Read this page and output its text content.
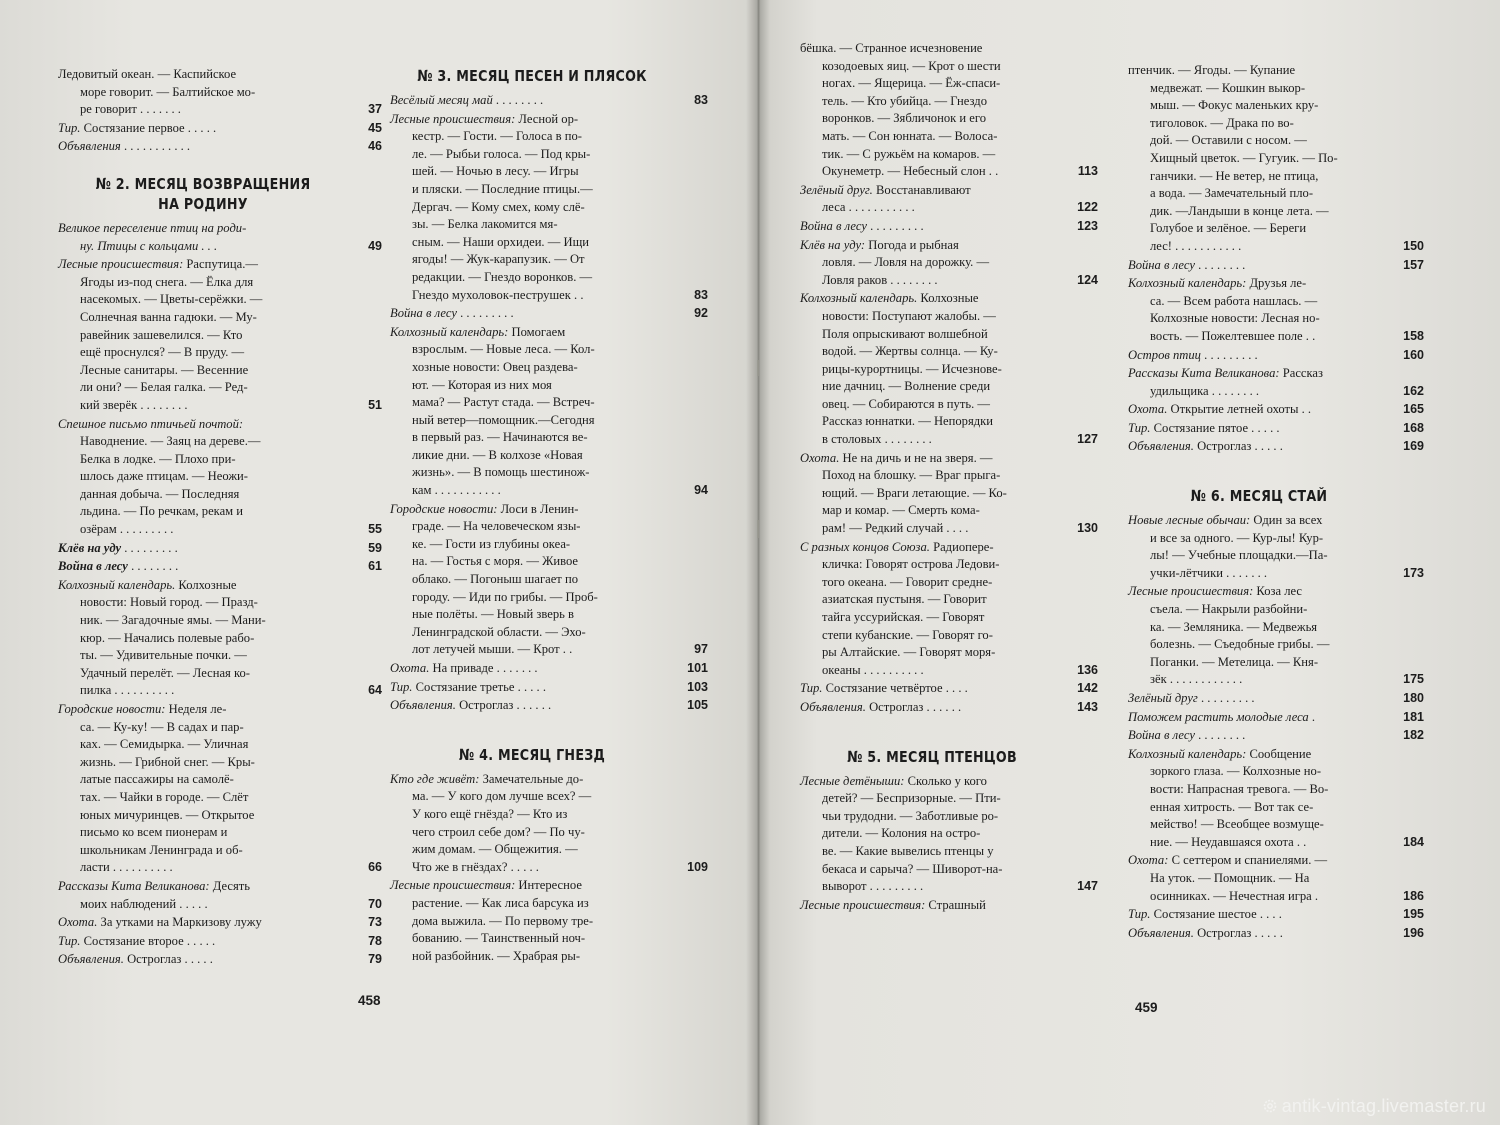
Ледовитый океан. — Каспийское
море говорит. — Балтийское мо-
ре говорит . . . . . . .	37
Тир. Состязание первое . . . . .	45
Объявления . . . . . . . . . . .	46
№ 2. МЕСЯЦ ВОЗВРАЩЕНИЯ
НА РОДИНУ
Великое переселение птиц на роди-
ну. Птицы с кольцами . . .	49
Лесные происшествия: Распутица.—
Ягоды из-под снега. — Ёлка для
насекомых. — Цветы-серёжки. —
Солнечная ванна гадюки. — Му-
равейник зашевелился. — Кто
ещё проснулся? — В пруду. —
Лесные санитары. — Весенние
ли они? — Белая галка. — Ред-
кий зверёк . . . . . . . .	51
Спешное письмо птичьей почтой:
Наводнение. — Заяц на дереве.—
Белка в лодке. — Плохо при-
шлось даже птицам. — Неожи-
данная добыча. — Последняя
льдина. — По речкам, рекам и
озёрам . . . . . . . . .	55
Клёв на уду . . . . . . . . .	59
Война в лесу . . . . . . . .	61
Колхозный календарь. Колхозные
новости: Новый город. — Празд-
ник. — Загадочные ямы. — Мани-
кюр. — Начались полевые рабо-
ты. — Удивительные почки. —
Удачный перелёт. — Лесная ко-
пилка . . . . . . . . . .	64
Городские новости: Неделя ле-
са. — Ку-ку! — В садах и пар-
ках. — Семидырка. — Уличная
жизнь. — Грибной снег. — Кры-
латые пассажиры на самолё-
тах. — Чайки в городе. — Слёт
юных мичуринцев. — Открытое
письмо ко всем пионерам и
школьникам Ленинграда и об-
ласти . . . . . . . . . .	66
Рассказы Кита Великанова: Десять
моих наблюдений . . . . .	70
Охота. За утками на Маркизову лужу	73
Тир. Состязание второе . . . . .	78
Объявления. Остроглаз . . . . .	79
№ 3. МЕСЯЦ ПЕСЕН И ПЛЯСОК
Весёлый месяц май . . . . . . . .	83
Лесные происшествия: Лесной ор-
кестр. — Гости. — Голоса в по-
ле. — Рыбьи голоса. — Под кры-
шей. — Ночью в лесу. — Игры
и пляски. — Последние птицы.—
Дергач. — Кому смех, кому слё-
зы. — Белка лакомится мя-
сным. — Наши орхидеи. — Ищи
ягоды! — Жук-карапузик. — От
редакции. — Гнездо воронков. —
Гнездо мухоловок-пеструшек . .	83
Война в лесу . . . . . . . . .	92
Колхозный календарь: Помогаем
взрослым. — Новые леса. — Кол-
хозные новости: Овец раздева-
ют. — Которая из них моя
мама? — Растут стада. — Встреч-
ный ветер—помощник.—Сегодня
в первый раз. — Начинаются ве-
ликие дни. — В колхозе «Новая
жизнь». — В помощь шестинож-
кам . . . . . . . . . . .	94
Городские новости: Лоси в Ленин-
граде. — На человеческом язы-
ке. — Гости из глубины океа-
на. — Гостья с моря. — Живое
облако. — Погоныш шагает по
городу. — Иди по грибы. — Проб-
ные полёты. — Новый зверь в
Ленинградской области. — Эхо-
лот летучей мыши. — Крот . .	97
Охота. На приваде . . . . . . .	101
Тир. Состязание третье . . . . .	103
Объявления. Остроглаз . . . . . .	105
№ 4. МЕСЯЦ ГНЕЗД
Кто где живёт: Замечательные до-
ма. — У кого дом лучше всех? —
У кого ещё гнёзда? — Кто из
чего строил себе дом? — По чу-
жим домам. — Общежития. —
Что же в гнёздах? . . . . .	109
Лесные происшествия: Интересное
растение. — Как лиса барсука из
дома выжила. — По первому тре-
бованию. — Таинственный ноч-
ной разбойник. — Храбрая ры-
бёшка. — Странное исчезновение
козодоевых яиц. — Крот о шести
ногах. — Ящерица. — Ёж-спаси-
тель. — Кто убийца. — Гнездо
воронков. — Зябличонок и его
мать. — Сон юнната. — Волоса-
тик. — С ружьём на комаров. —
Окунеметр. — Небесный слон . .	113
Зелёный друг. Восстанавливают
леса . . . . . . . . . . .	122
Война в лесу . . . . . . . . .	123
Клёв на уду: Погода и рыбная
ловля. — Ловля на дорожку. —
Ловля раков . . . . . . . .	124
Колхозный календарь. Колхозные
новости: Поступают жалобы. —
Поля опрыскивают волшебной
водой. — Жертвы солнца. — Ку-
рицы-курортницы. — Исчезнове-
ние дачниц. — Волнение среди
овец. — Собираются в путь. —
Рассказ юннатки. — Непорядки
в столовых . . . . . . . .	127
Охота. Не на дичь и не на зверя. —
Поход на блошку. — Враг прыга-
ющий. — Враги летающие. — Ко-
мар и комар. — Смерть кома-
рам! — Редкий случай . . . .	130
С разных концов Союза. Радиопере-
кличка: Говорят острова Ледови-
того океана. — Говорит средне-
азиатская пустыня. — Говорит
тайга уссурийская. — Говорят
степи кубанские. — Говорят го-
ры Алтайские. — Говорят моря-
океаны . . . . . . . . . .	136
Тир. Состязание четвёртое . . . .	142
Объявления. Остроглаз . . . . . .	143
№ 5. МЕСЯЦ ПТЕНЦОВ
Лесные детёныши: Сколько у кого
детей? — Беспризорные. — Пти-
чьи трудодни. — Заботливые ро-
дители. — Колония на остро-
ве. — Какие вывелись птенцы у
бекаса и сарыча? — Шиворот-на-
выворот . . . . . . . . .	147
Лесные происшествия: Страшный
птенчик. — Ягоды. — Купание
медвежат. — Кошкин выкор-
мыш. — Фокус маленьких кру-
тиголовок. — Драка по во-
дой. — Оставили с носом. —
Хищный цветок. — Гугуик. — По-
ганчики. — Не ветер, не птица,
а вода. — Замечательный пло-
дик. —Ландыши в конце лета. —
Голубое и зелёное. — Береги
лес! . . . . . . . . . . .	150
Война в лесу . . . . . . . .	157
Колхозный календарь: Друзья ле-
са. — Всем работа нашлась. —
Колхозные новости: Лесная но-
вость. — Пожелтевшее поле . .	158
Остров птиц . . . . . . . . .	160
Рассказы Кита Великанова: Рассказ
удильщика . . . . . . . .	162
Охота. Открытие летней охоты . .	165
Тир. Состязание пятое . . . . .	168
Объявления. Остроглаз . . . . .	169
№ 6. МЕСЯЦ СТАЙ
Новые лесные обычаи: Один за всех
и все за одного. — Кур-лы! Кур-
лы! — Учебные площадки.—Па-
учки-лётчики . . . . . . .	173
Лесные происшествия: Коза лес
съела. — Накрыли разбойни-
ка. — Земляника. — Медвежья
болезнь. — Съедобные грибы. —
Поганки. — Метелица. — Кня-
зёк . . . . . . . . . . . .	175
Зелёный друг . . . . . . . . .	180
Поможем растить молодые леса .	181
Война в лесу . . . . . . . .	182
Колхозный календарь: Сообщение
зоркого глаза. — Колхозные но-
вости: Напрасная тревога. — Во-
енная хитрость. — Вот так се-
мейство! — Всеобщее возмуще-
ние. — Неудавшаяся охота . .	184
Охота: С сеттером и спаниелями. —
На уток. — Помощник. — На
осинниках. — Нечестная игра .	186
Тир. Состязание шестое . . . .	195
Объявления. Остроглаз . . . . .	196
458	459
antik-vintag.livemaster.ru
